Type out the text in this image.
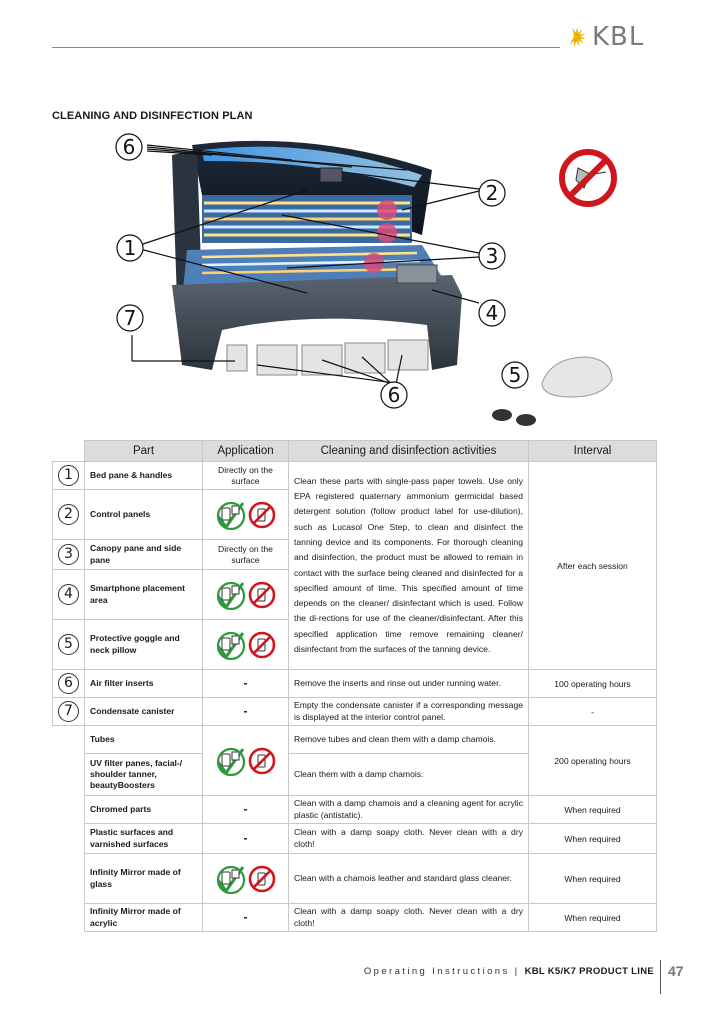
KBL
CLEANING AND DISINFECTION PLAN
6
2
1	3
7	4
5
6
	Part	Application	Cleaning and disinfection activities	Interval
1	Bed pane & handles	Directly on the surface	Clean these parts with single-pass paper towels. Use only EPA registered quaternary ammonium germicidal based detergent solution (follow product label for use-dilution), such as Lucasol One Step, to clean and disinfect the tanning device and its components. For thorough cleaning and disinfection, the product must be allowed to remain in contact with the surface being cleaned and disinfected for a specified amount of time. This specified amount of time depends on the cleaner/ disinfectant which is used. Follow the di-rections for use of the cleaner/disinfectant. After this specified application time remove remaining cleaner/ disinfectant from the surfaces of the tanning device.	After each session
2	Control panels	

3	Canopy pane and side pane	Directly on the surface		
4	Smartphone placement area	

5	Protective goggle and neck pillow	

6	Air filter inserts	-	Remove the inserts and rinse out under running water.	100 operating hours
7	Condensate canister	-	Empty the condensate canister if a corresponding message is displayed at the interior control panel.	-
	Tubes		Remove tubes and clean them with a damp chamois.	200 operating hours
	UV filter panes, facial-/ shoulder tanner, beautyBoosters		Clean them with a damp chamois.	
	Chromed parts	-	Clean with a damp chamois and a cleaning agent for acrylic plastic (antistatic).	When required
	Plastic surfaces and varnished surfaces	-	Clean with a damp soapy cloth. Never clean with a dry cloth!	When required
	Infinity Mirror made of glass		Clean with a chamois leather and standard glass cleaner.	When required
	Infinity Mirror made of acrylic	-	Clean with a damp soapy cloth. Never clean with a dry cloth!	When required
Operating Instructions | KBL K5/K7 PRODUCT LINE 47
